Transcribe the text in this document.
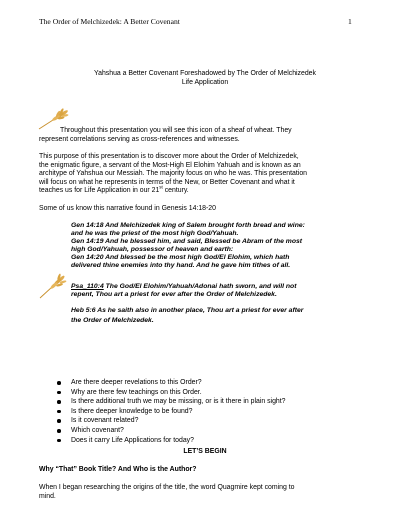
The Order of Melchizedek: A Better Covenant	1
Yahshua a Better Covenant Foreshadowed by The Order of Melchizedek
Life Application
Throughout this presentation you will see this icon of a sheaf of wheat. They
represent correlations serving as cross-references and witnesses.
This purpose of this presentation is to discover more about the Order of Melchizedek,
the enigmatic figure, a servant of the Most-High El Elohim Yahuah and is known as an
architype of Yahshua our Messiah. The majority focus on who he was. This presentation
will focus on what he represents in terms of the New, or Better Covenant and what it
teaches us for Life Application in our 21st century.
Some of us know this narrative found in Genesis 14:18-20
Gen 14:18 And Melchizedek king of Salem brought forth bread and wine:
and he was the priest of the most high God/Yahuah.
Gen 14:19 And he blessed him, and said, Blessed be Abram of the most
high God/Yahuah, possessor of heaven and earth:
Gen 14:20 And blessed be the most high God/El Elohim, which hath
delivered thine enemies into thy hand. And he gave him tithes of all.
Psa_110:4 The God/El Elohim/Yahuah/Adonai hath sworn, and will not
repent, Thou art a priest for ever after the Order of Melchizedek.
Heb 5:6 As he saith also in another place, Thou art a priest for ever after
the Order of Melchizedek.
Are there deeper revelations to this Order?
Why are there few teachings on this Order.
Is there additional truth we may be missing, or is it there in plain sight?
Is there deeper knowledge to be found?
Is it covenant related?
Which covenant?
Does it carry Life Applications for today?
LET’S BEGIN
Why “That” Book Title? And Who is the Author?
When I began researching the origins of the title, the word Quagmire kept coming to
mind.
